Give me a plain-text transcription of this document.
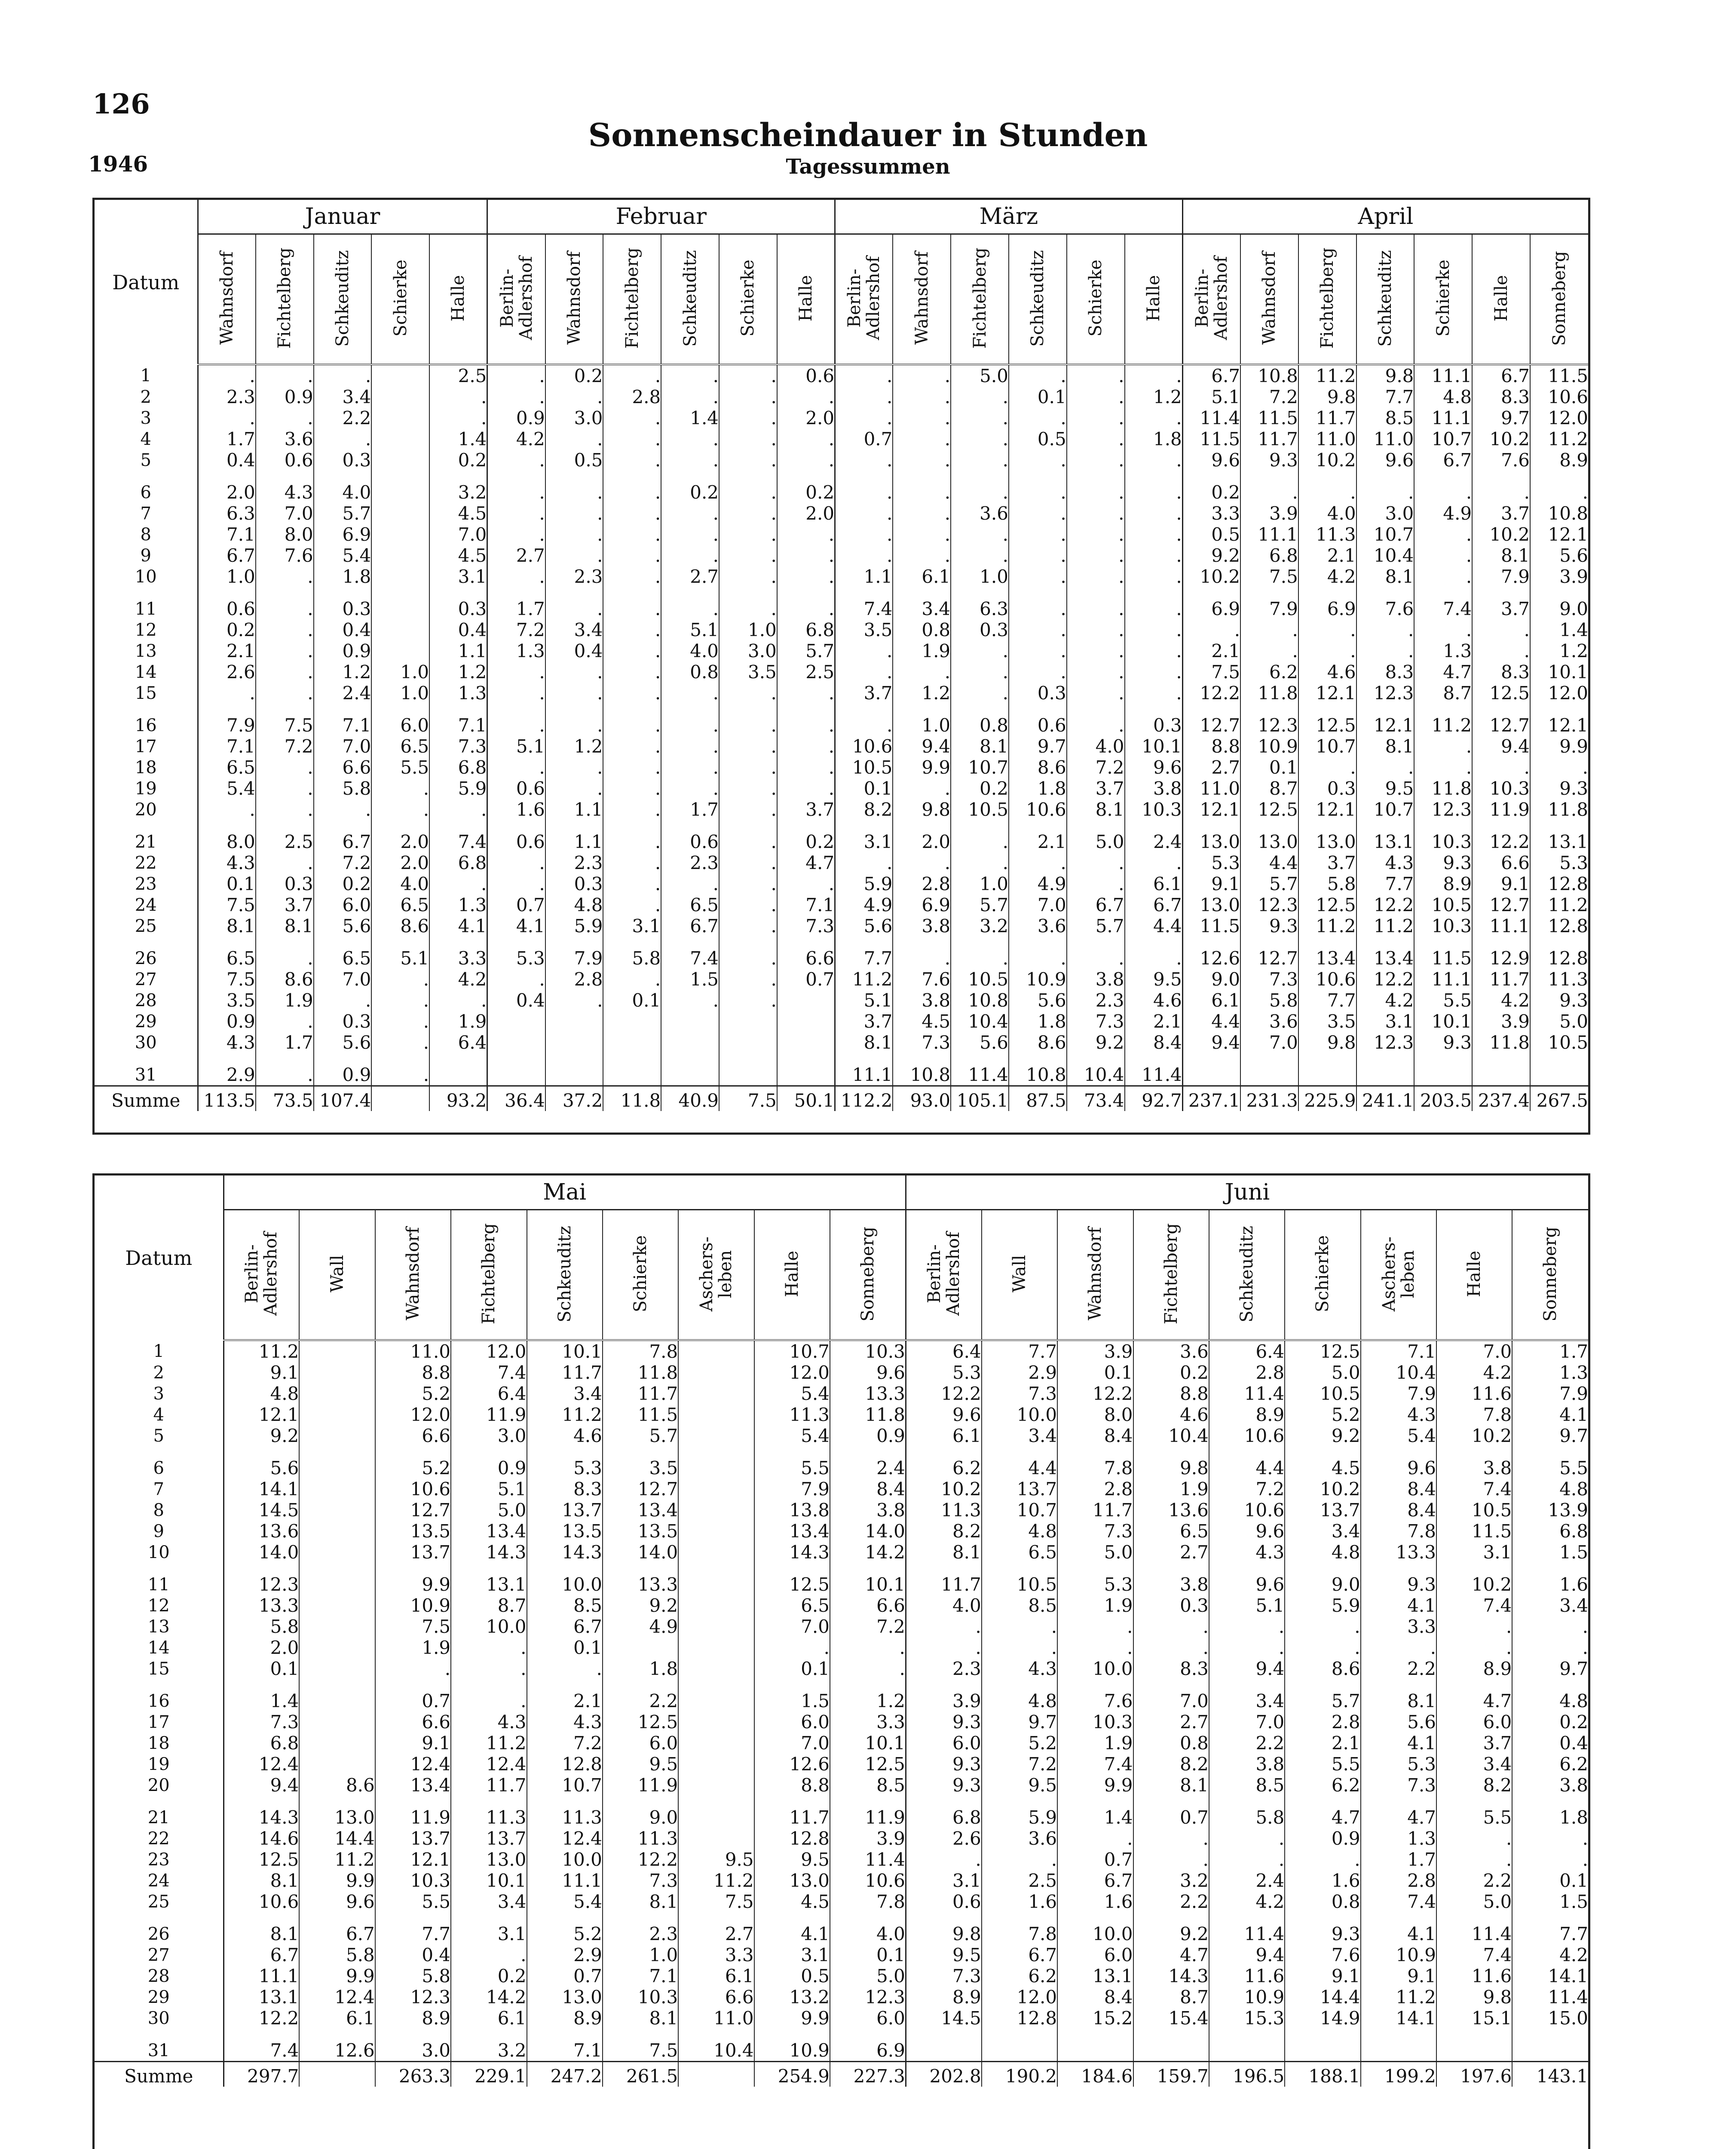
126
1946
Sonnenscheindauer in Stunden
Tagessummen
Datum	Januar					Februar						März						April						
	Wahnsdorf	Fichtelberg	Schkeuditz	Schierke	Halle	Berlin-
Adlershof	Wahnsdorf	Fichtelberg	Schkeuditz	Schierke	Halle	Berlin-
Adlershof	Wahnsdorf	Fichtelberg	Schkeuditz	Schierke	Halle	Berlin-
Adlershof	Wahnsdorf	Fichtelberg	Schkeuditz	Schierke	Halle	Sonneberg
1	.	.	.		2.5	.	0.2	.	.	.	0.6	.	.	5.0	.	.	.	6.7	10.8	11.2	9.8	11.1	6.7	11.5
2	2.3	0.9	3.4		.	.	.	2.8	.	.	.	.	.	.	0.1	.	1.2	5.1	7.2	9.8	7.7	4.8	8.3	10.6
3	.	.	2.2		.	0.9	3.0	.	1.4	.	2.0	.	.	.	.	.	.	11.4	11.5	11.7	8.5	11.1	9.7	12.0
4	1.7	3.6	.		1.4	4.2	.	.	.	.	.	0.7	.	.	0.5	.	1.8	11.5	11.7	11.0	11.0	10.7	10.2	11.2
5	0.4	0.6	0.3		0.2	.	0.5	.	.	.	.	.	.	.	.	.	.	9.6	9.3	10.2	9.6	6.7	7.6	8.9
6	2.0	4.3	4.0		3.2	.	.	.	0.2	.	0.2	.	.	.	.	.	.	0.2	.	.	.	.	.	.
7	6.3	7.0	5.7		4.5	.	.	.	.	.	2.0	.	.	3.6	.	.	.	3.3	3.9	4.0	3.0	4.9	3.7	10.8
8	7.1	8.0	6.9		7.0	.	.	.	.	.	.	.	.	.	.	.	.	0.5	11.1	11.3	10.7	.	10.2	12.1
9	6.7	7.6	5.4		4.5	2.7	.	.	.	.	.	.	.	.	.	.	.	9.2	6.8	2.1	10.4	.	8.1	5.6
10	1.0	.	1.8		3.1	.	2.3	.	2.7	.	.	1.1	6.1	1.0	.	.	.	10.2	7.5	4.2	8.1	.	7.9	3.9
11	0.6	.	0.3		0.3	1.7	.	.	.	.	.	7.4	3.4	6.3	.	.	.	6.9	7.9	6.9	7.6	7.4	3.7	9.0
12	0.2	.	0.4		0.4	7.2	3.4	.	5.1	1.0	6.8	3.5	0.8	0.3	.	.	.	.	.	.	.	.	.	1.4
13	2.1	.	0.9		1.1	1.3	0.4	.	4.0	3.0	5.7	.	1.9	.	.	.	.	2.1	.	.	.	1.3	.	1.2
14	2.6	.	1.2	1.0	1.2	.	.	.	0.8	3.5	2.5	.	.	.	.	.	.	7.5	6.2	4.6	8.3	4.7	8.3	10.1
15	.	.	2.4	1.0	1.3	.	.	.	.	.	.	3.7	1.2	.	0.3	.	.	12.2	11.8	12.1	12.3	8.7	12.5	12.0
16	7.9	7.5	7.1	6.0	7.1	.	.	.	.	.	.	.	1.0	0.8	0.6	.	0.3	12.7	12.3	12.5	12.1	11.2	12.7	12.1
17	7.1	7.2	7.0	6.5	7.3	5.1	1.2	.	.	.	.	10.6	9.4	8.1	9.7	4.0	10.1	8.8	10.9	10.7	8.1	.	9.4	9.9
18	6.5	.	6.6	5.5	6.8	.	.	.	.	.	.	10.5	9.9	10.7	8.6	7.2	9.6	2.7	0.1	.	.	.	.	.
19	5.4	.	5.8	.	5.9	0.6	.	.	.	.	.	0.1	.	0.2	1.8	3.7	3.8	11.0	8.7	0.3	9.5	11.8	10.3	9.3
20	.	.	.	.	.	1.6	1.1	.	1.7	.	3.7	8.2	9.8	10.5	10.6	8.1	10.3	12.1	12.5	12.1	10.7	12.3	11.9	11.8
21	8.0	2.5	6.7	2.0	7.4	0.6	1.1	.	0.6	.	0.2	3.1	2.0	.	2.1	5.0	2.4	13.0	13.0	13.0	13.1	10.3	12.2	13.1
22	4.3	.	7.2	2.0	6.8	.	2.3	.	2.3	.	4.7	.	.	.	.	.	.	5.3	4.4	3.7	4.3	9.3	6.6	5.3
23	0.1	0.3	0.2	4.0	.	.	0.3	.	.	.	.	5.9	2.8	1.0	4.9	.	6.1	9.1	5.7	5.8	7.7	8.9	9.1	12.8
24	7.5	3.7	6.0	6.5	1.3	0.7	4.8	.	6.5	.	7.1	4.9	6.9	5.7	7.0	6.7	6.7	13.0	12.3	12.5	12.2	10.5	12.7	11.2
25	8.1	8.1	5.6	8.6	4.1	4.1	5.9	3.1	6.7	.	7.3	5.6	3.8	3.2	3.6	5.7	4.4	11.5	9.3	11.2	11.2	10.3	11.1	12.8
26	6.5	.	6.5	5.1	3.3	5.3	7.9	5.8	7.4	.	6.6	7.7	.	.	.	.	.	12.6	12.7	13.4	13.4	11.5	12.9	12.8
27	7.5	8.6	7.0	.	4.2	.	2.8	.	1.5	.	0.7	11.2	7.6	10.5	10.9	3.8	9.5	9.0	7.3	10.6	12.2	11.1	11.7	11.3
28	3.5	1.9	.	.	.	0.4	.	0.1	.	.		5.1	3.8	10.8	5.6	2.3	4.6	6.1	5.8	7.7	4.2	5.5	4.2	9.3
29	0.9	.	0.3	.	1.9							3.7	4.5	10.4	1.8	7.3	2.1	4.4	3.6	3.5	3.1	10.1	3.9	5.0
30	4.3	1.7	5.6	.	6.4							8.1	7.3	5.6	8.6	9.2	8.4	9.4	7.0	9.8	12.3	9.3	11.8	10.5
31	2.9	.	0.9	.								11.1	10.8	11.4	10.8	10.4	11.4							
Summe	113.5	73.5	107.4		93.2	36.4	37.2	11.8	40.9	7.5	50.1	112.2	93.0	105.1	87.5	73.4	92.7	237.1	231.3	225.9	241.1	203.5	237.4	267.5
Datum	Mai									Juni								
	Berlin-
Adlershof	Wall	Wahnsdorf	Fichtelberg	Schkeuditz	Schierke	Aschers-
leben	Halle	Sonneberg	Berlin-
Adlershof	Wall	Wahnsdorf	Fichtelberg	Schkeuditz	Schierke	Aschers-
leben	Halle	Sonneberg
1	11.2		11.0	12.0	10.1	7.8		10.7	10.3	6.4	7.7	3.9	3.6	6.4	12.5	7.1	7.0	1.7
2	9.1		8.8	7.4	11.7	11.8		12.0	9.6	5.3	2.9	0.1	0.2	2.8	5.0	10.4	4.2	1.3
3	4.8		5.2	6.4	3.4	11.7		5.4	13.3	12.2	7.3	12.2	8.8	11.4	10.5	7.9	11.6	7.9
4	12.1		12.0	11.9	11.2	11.5		11.3	11.8	9.6	10.0	8.0	4.6	8.9	5.2	4.3	7.8	4.1
5	9.2		6.6	3.0	4.6	5.7		5.4	0.9	6.1	3.4	8.4	10.4	10.6	9.2	5.4	10.2	9.7
6	5.6		5.2	0.9	5.3	3.5		5.5	2.4	6.2	4.4	7.8	9.8	4.4	4.5	9.6	3.8	5.5
7	14.1		10.6	5.1	8.3	12.7		7.9	8.4	10.2	13.7	2.8	1.9	7.2	10.2	8.4	7.4	4.8
8	14.5		12.7	5.0	13.7	13.4		13.8	3.8	11.3	10.7	11.7	13.6	10.6	13.7	8.4	10.5	13.9
9	13.6		13.5	13.4	13.5	13.5		13.4	14.0	8.2	4.8	7.3	6.5	9.6	3.4	7.8	11.5	6.8
10	14.0		13.7	14.3	14.3	14.0		14.3	14.2	8.1	6.5	5.0	2.7	4.3	4.8	13.3	3.1	1.5
11	12.3		9.9	13.1	10.0	13.3		12.5	10.1	11.7	10.5	5.3	3.8	9.6	9.0	9.3	10.2	1.6
12	13.3		10.9	8.7	8.5	9.2		6.5	6.6	4.0	8.5	1.9	0.3	5.1	5.9	4.1	7.4	3.4
13	5.8		7.5	10.0	6.7	4.9		7.0	7.2	.	.	.	.	.	.	3.3	.	.
14	2.0		1.9	.	0.1			.	.	.	.	.	.	.	.	.	.	.
15	0.1		.	.	.	1.8		0.1	.	2.3	4.3	10.0	8.3	9.4	8.6	2.2	8.9	9.7
16	1.4		0.7	.	2.1	2.2		1.5	1.2	3.9	4.8	7.6	7.0	3.4	5.7	8.1	4.7	4.8
17	7.3		6.6	4.3	4.3	12.5		6.0	3.3	9.3	9.7	10.3	2.7	7.0	2.8	5.6	6.0	0.2
18	6.8		9.1	11.2	7.2	6.0		7.0	10.1	6.0	5.2	1.9	0.8	2.2	2.1	4.1	3.7	0.4
19	12.4		12.4	12.4	12.8	9.5		12.6	12.5	9.3	7.2	7.4	8.2	3.8	5.5	5.3	3.4	6.2
20	9.4	8.6	13.4	11.7	10.7	11.9		8.8	8.5	9.3	9.5	9.9	8.1	8.5	6.2	7.3	8.2	3.8
21	14.3	13.0	11.9	11.3	11.3	9.0		11.7	11.9	6.8	5.9	1.4	0.7	5.8	4.7	4.7	5.5	1.8
22	14.6	14.4	13.7	13.7	12.4	11.3		12.8	3.9	2.6	3.6	.	.	.	0.9	1.3	.	.
23	12.5	11.2	12.1	13.0	10.0	12.2	9.5	9.5	11.4	.	.	0.7	.	.	.	1.7	.	.
24	8.1	9.9	10.3	10.1	11.1	7.3	11.2	13.0	10.6	3.1	2.5	6.7	3.2	2.4	1.6	2.8	2.2	0.1
25	10.6	9.6	5.5	3.4	5.4	8.1	7.5	4.5	7.8	0.6	1.6	1.6	2.2	4.2	0.8	7.4	5.0	1.5
26	8.1	6.7	7.7	3.1	5.2	2.3	2.7	4.1	4.0	9.8	7.8	10.0	9.2	11.4	9.3	4.1	11.4	7.7
27	6.7	5.8	0.4	.	2.9	1.0	3.3	3.1	0.1	9.5	6.7	6.0	4.7	9.4	7.6	10.9	7.4	4.2
28	11.1	9.9	5.8	0.2	0.7	7.1	6.1	0.5	5.0	7.3	6.2	13.1	14.3	11.6	9.1	9.1	11.6	14.1
29	13.1	12.4	12.3	14.2	13.0	10.3	6.6	13.2	12.3	8.9	12.0	8.4	8.7	10.9	14.4	11.2	9.8	11.4
30	12.2	6.1	8.9	6.1	8.9	8.1	11.0	9.9	6.0	14.5	12.8	15.2	15.4	15.3	14.9	14.1	15.1	15.0
31	7.4	12.6	3.0	3.2	7.1	7.5	10.4	10.9	6.9									
Summe	297.7		263.3	229.1	247.2	261.5		254.9	227.3	202.8	190.2	184.6	159.7	196.5	188.1	199.2	197.6	143.1
